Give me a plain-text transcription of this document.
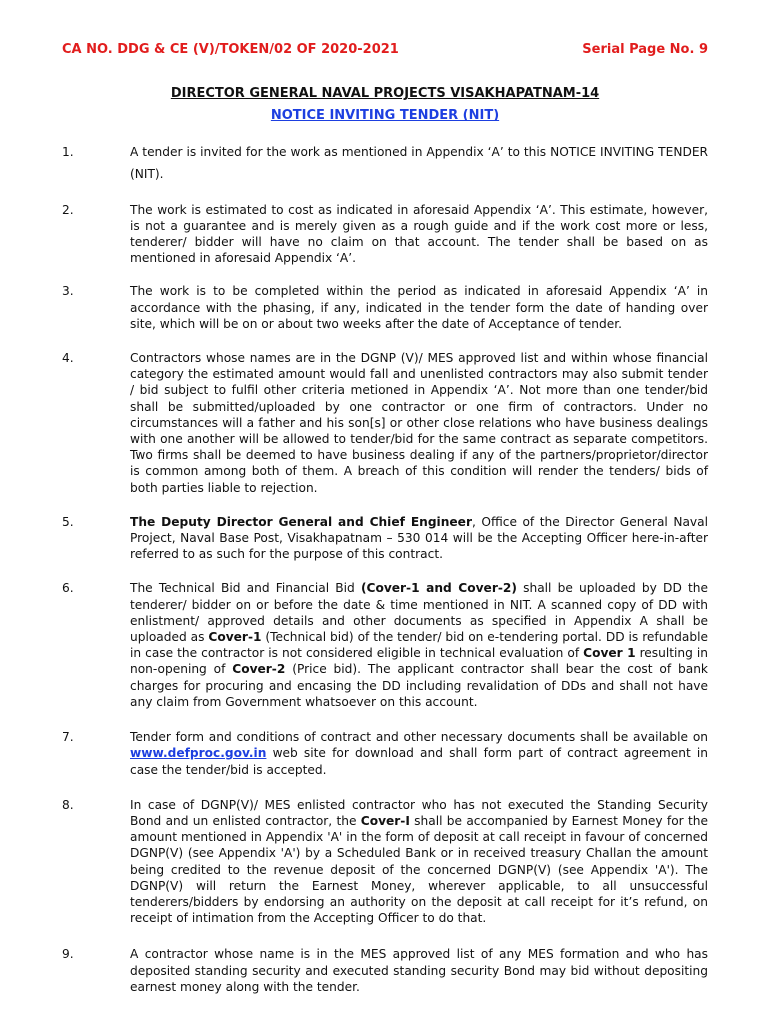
CA NO. DDG & CE (V)/TOKEN/02 OF 2020-2021	Serial Page No. 9
DIRECTOR GENERAL NAVAL PROJECTS VISAKHAPATNAM-14
NOTICE INVITING TENDER (NIT)
1.	A tender is invited for the work as mentioned in Appendix ‘A’ to this NOTICE INVITING TENDER (NIT).
2.	The work is estimated to cost as indicated in aforesaid Appendix ‘A’. This estimate, however, is not a guarantee and is merely given as a rough guide and if the work cost more or less, tenderer/ bidder will have no claim on that account. The tender shall be based on as mentioned in aforesaid Appendix ‘A’.
3.	The work is to be completed within the period as indicated in aforesaid Appendix ‘A’ in accordance with the phasing, if any, indicated in the tender form the date of handing over site, which will be on or about two weeks after the date of Acceptance of tender.
4.	Contractors whose names are in the DGNP (V)/ MES approved list and within whose financial category the estimated amount would fall and unenlisted contractors may also submit tender / bid subject to fulfil other criteria metioned in Appendix ‘A’. Not more than one tender/bid shall be submitted/uploaded by one contractor or one firm of contractors. Under no circumstances will a father and his son[s] or other close relations who have business dealings with one another will be allowed to tender/bid for the same contract as separate competitors. Two firms shall be deemed to have business dealing if any of the partners/proprietor/director is common among both of them. A breach of this condition will render the tenders/ bids of both parties liable to rejection.
5.	The Deputy Director General and Chief Engineer, Office of the Director General Naval Project, Naval Base Post, Visakhapatnam – 530 014 will be the Accepting Officer here-in-after referred to as such for the purpose of this contract.
6.	The Technical Bid and Financial Bid (Cover-1 and Cover-2) shall be uploaded by DD the tenderer/ bidder on or before the date & time mentioned in NIT. A scanned copy of DD with enlistment/ approved details and other documents as specified in Appendix A shall be uploaded as Cover-1 (Technical bid) of the tender/ bid on e-tendering portal. DD is refundable in case the contractor is not considered eligible in technical evaluation of Cover 1 resulting in non-opening of Cover-2 (Price bid). The applicant contractor shall bear the cost of bank charges for procuring and encasing the DD including revalidation of DDs and shall not have any claim from Government whatsoever on this account.
7.	Tender form and conditions of contract and other necessary documents shall be available on www.defproc.gov.in web site for download and shall form part of contract agreement in case the tender/bid is accepted.
8.	In case of DGNP(V)/ MES enlisted contractor who has not executed the Standing Security Bond and un enlisted contractor, the Cover-I shall be accompanied by Earnest Money for the amount mentioned in Appendix 'A' in the form of deposit at call receipt in favour of concerned DGNP(V) (see Appendix 'A') by a Scheduled Bank or in received treasury Challan the amount being credited to the revenue deposit of the concerned DGNP(V) (see Appendix 'A'). The DGNP(V) will return the Earnest Money, wherever applicable, to all unsuccessful tenderers/bidders by endorsing an authority on the deposit at call receipt for it’s refund, on receipt of intimation from the Accepting Officer to do that.
9.	A contractor whose name is in the MES approved list of any MES formation and who has deposited standing security and executed standing security Bond may bid without depositing earnest money along with the tender.
